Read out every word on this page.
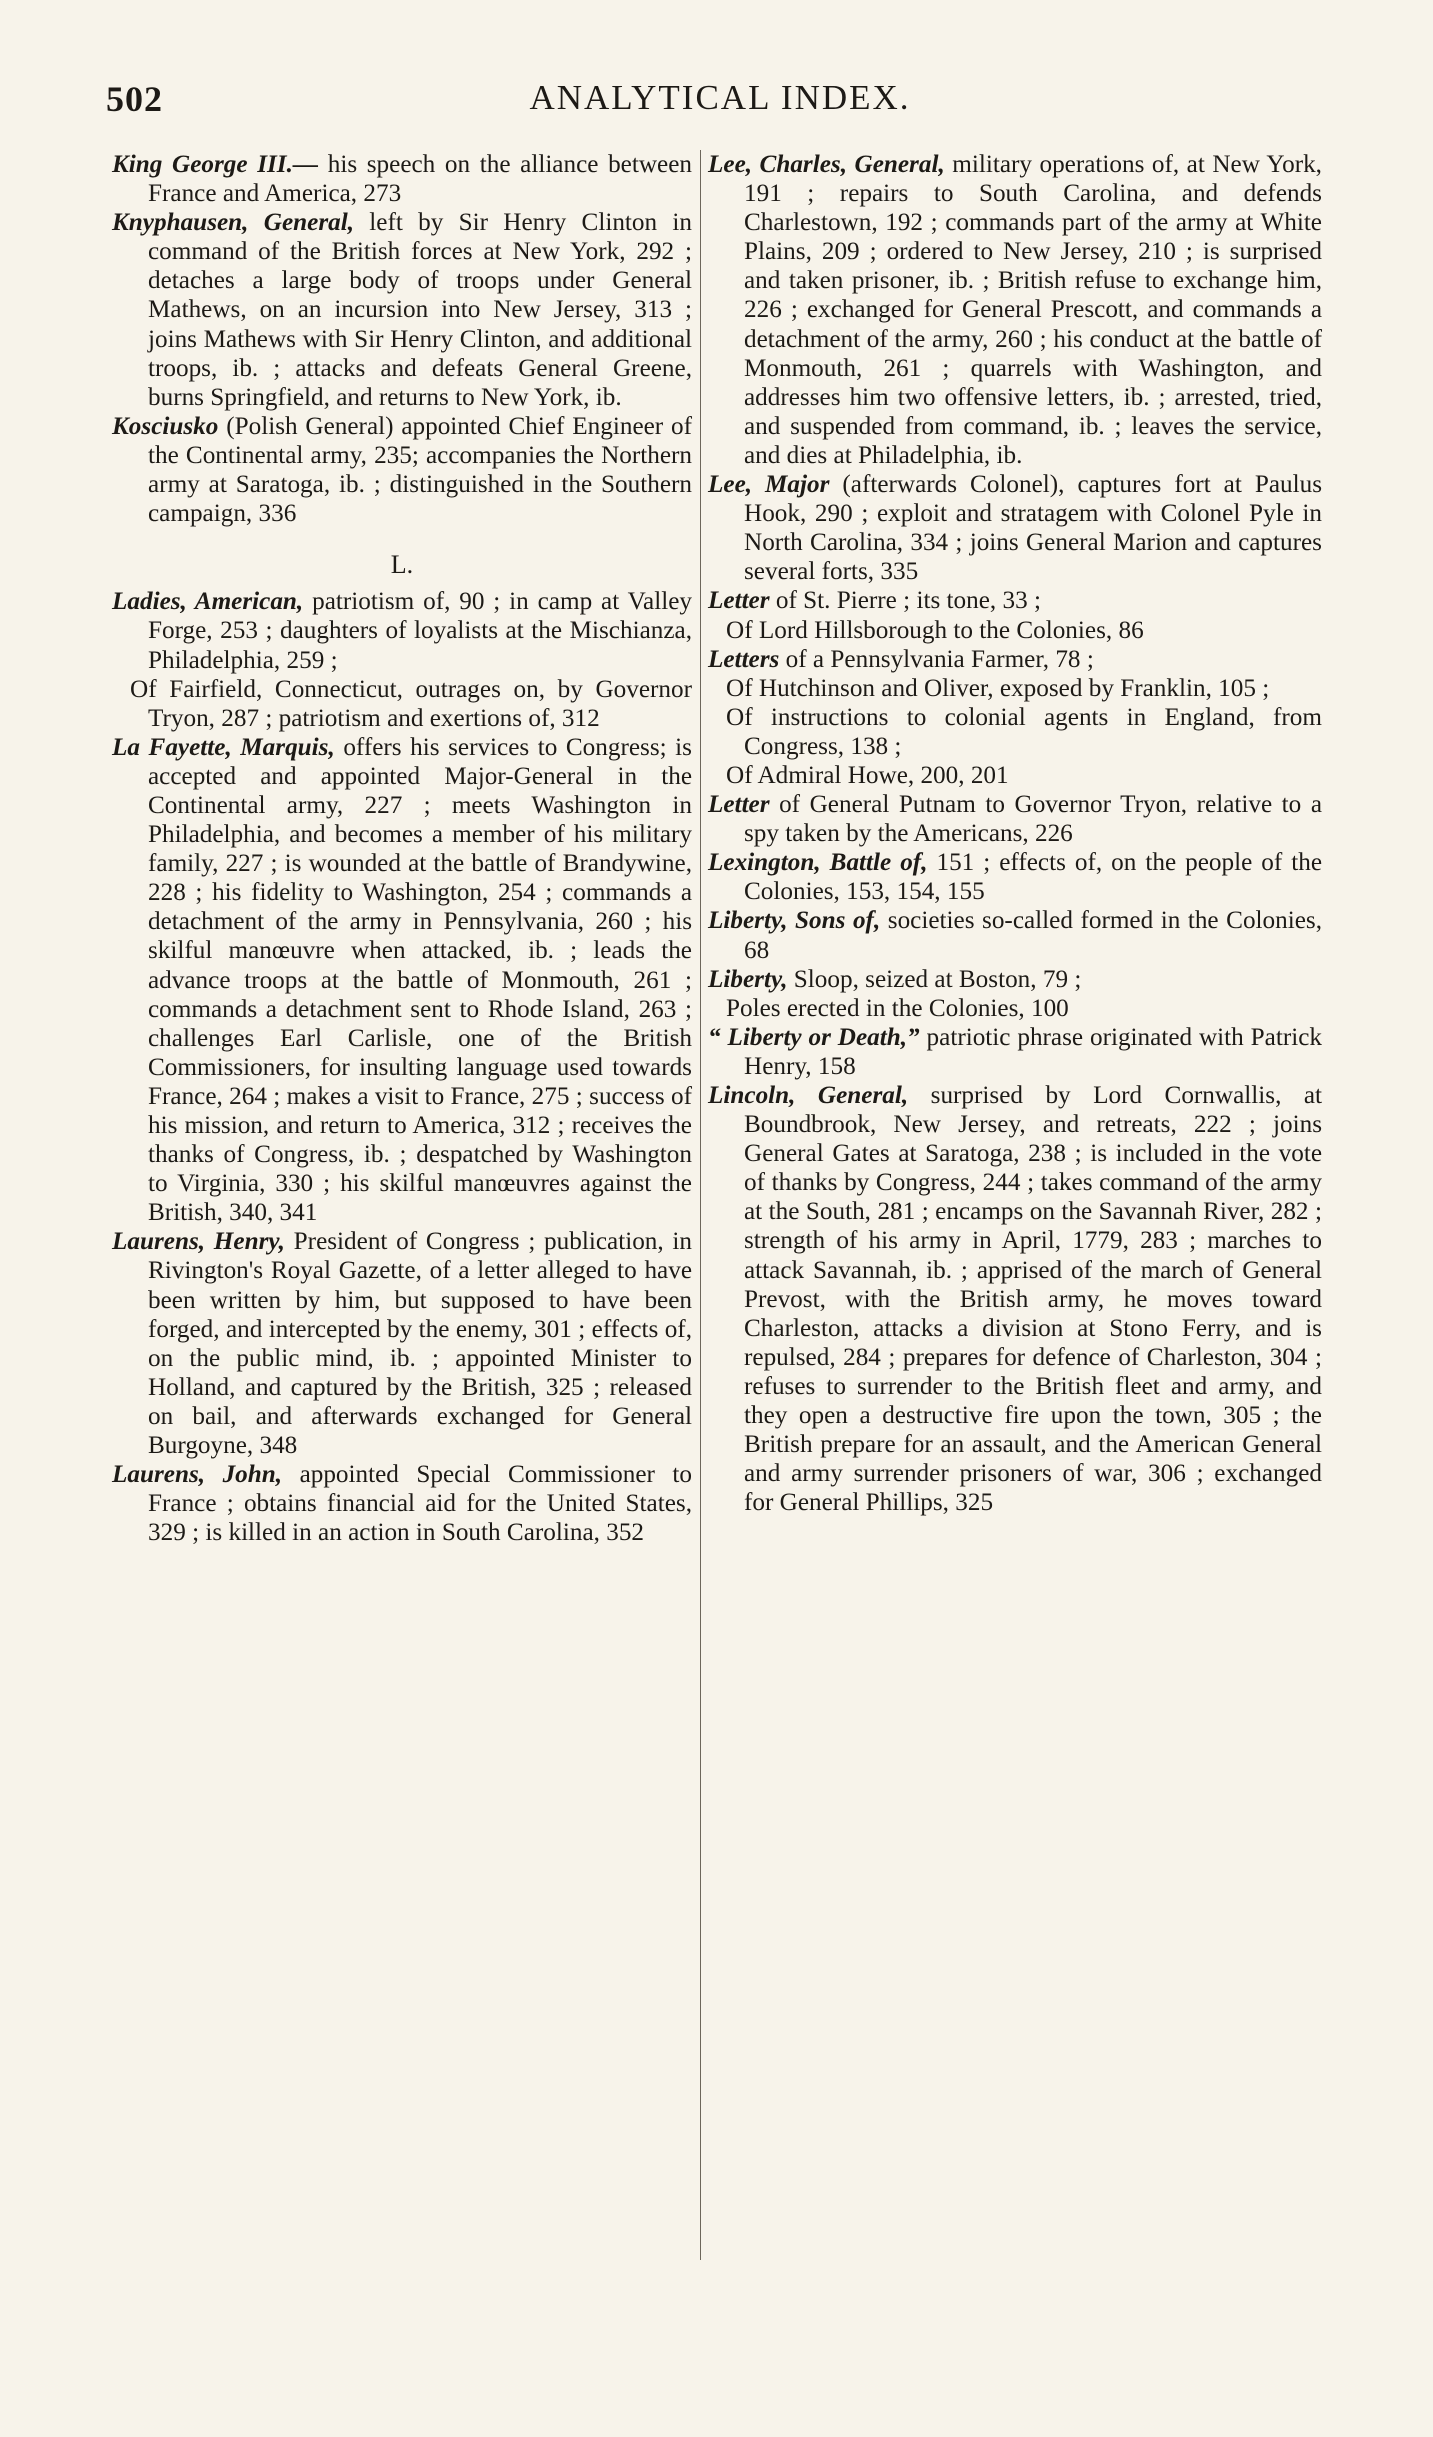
502	ANALYTICAL INDEX.

King George III.— his speech on the alliance between France and America, 273

Knyphausen, General, left by Sir Henry Clinton in command of the British forces at New York, 292 ; detaches a large body of troops under General Mathews, on an incursion into New Jersey, 313 ; joins Mathews with Sir Henry Clinton, and additional troops, ib. ; attacks and defeats General Greene, burns Springfield, and returns to New York, ib.

Kosciusko (Polish General) appointed Chief Engineer of the Continental army, 235; accompanies the Northern army at Saratoga, ib. ; distinguished in the Southern campaign, 336

L.

Ladies, American, patriotism of, 90 ; in camp at Valley Forge, 253 ; daughters of loyalists at the Mischianza, Philadelphia, 259 ;

Of Fairfield, Connecticut, outrages on, by Governor Tryon, 287 ; patriotism and exertions of, 312

La Fayette, Marquis, offers his services to Congress; is accepted and appointed Major-General in the Continental army, 227 ; meets Washington in Philadelphia, and becomes a member of his military family, 227 ; is wounded at the battle of Brandywine, 228 ; his fidelity to Washington, 254 ; commands a detachment of the army in Pennsylvania, 260 ; his skilful manœuvre when attacked, ib. ; leads the advance troops at the battle of Monmouth, 261 ; commands a detachment sent to Rhode Island, 263 ; challenges Earl Carlisle, one of the British Commissioners, for insulting language used towards France, 264 ; makes a visit to France, 275 ; success of his mission, and return to America, 312 ; receives the thanks of Congress, ib. ; despatched by Washington to Virginia, 330 ; his skilful manœuvres against the British, 340, 341

Laurens, Henry, President of Congress ; publication, in Rivington's Royal Gazette, of a letter alleged to have been written by him, but supposed to have been forged, and intercepted by the enemy, 301 ; effects of, on the public mind, ib. ; appointed Minister to Holland, and captured by the British, 325 ; released on bail, and afterwards exchanged for General Burgoyne, 348

Laurens, John, appointed Special Commissioner to France ; obtains financial aid for the United States, 329 ; is killed in an action in South Carolina, 352

Lee, Charles, General, military operations of, at New York, 191 ; repairs to South Carolina, and defends Charlestown, 192 ; commands part of the army at White Plains, 209 ; ordered to New Jersey, 210 ; is surprised and taken prisoner, ib. ; British refuse to exchange him, 226 ; exchanged for General Prescott, and commands a detachment of the army, 260 ; his conduct at the battle of Monmouth, 261 ; quarrels with Washington, and addresses him two offensive letters, ib. ; arrested, tried, and suspended from command, ib. ; leaves the service, and dies at Philadelphia, ib.

Lee, Major (afterwards Colonel), captures fort at Paulus Hook, 290 ; exploit and stratagem with Colonel Pyle in North Carolina, 334 ; joins General Marion and captures several forts, 335

Letter of St. Pierre ; its tone, 33 ;

Of Lord Hillsborough to the Colonies, 86

Letters of a Pennsylvania Farmer, 78 ;

Of Hutchinson and Oliver, exposed by Franklin, 105 ;

Of instructions to colonial agents in England, from Congress, 138 ;

Of Admiral Howe, 200, 201

Letter of General Putnam to Governor Tryon, relative to a spy taken by the Americans, 226

Lexington, Battle of, 151 ; effects of, on the people of the Colonies, 153, 154, 155

Liberty, Sons of, societies so-called formed in the Colonies, 68

Liberty, Sloop, seized at Boston, 79 ;

Poles erected in the Colonies, 100

“ Liberty or Death,” patriotic phrase originated with Patrick Henry, 158

Lincoln, General, surprised by Lord Cornwallis, at Boundbrook, New Jersey, and retreats, 222 ; joins General Gates at Saratoga, 238 ; is included in the vote of thanks by Congress, 244 ; takes command of the army at the South, 281 ; encamps on the Savannah River, 282 ; strength of his army in April, 1779, 283 ; marches to attack Savannah, ib. ; apprised of the march of General Prevost, with the British army, he moves toward Charleston, attacks a division at Stono Ferry, and is repulsed, 284 ; prepares for defence of Charleston, 304 ; refuses to surrender to the British fleet and army, and they open a destructive fire upon the town, 305 ; the British prepare for an assault, and the American General and army surrender prisoners of war, 306 ; exchanged for General Phillips, 325
